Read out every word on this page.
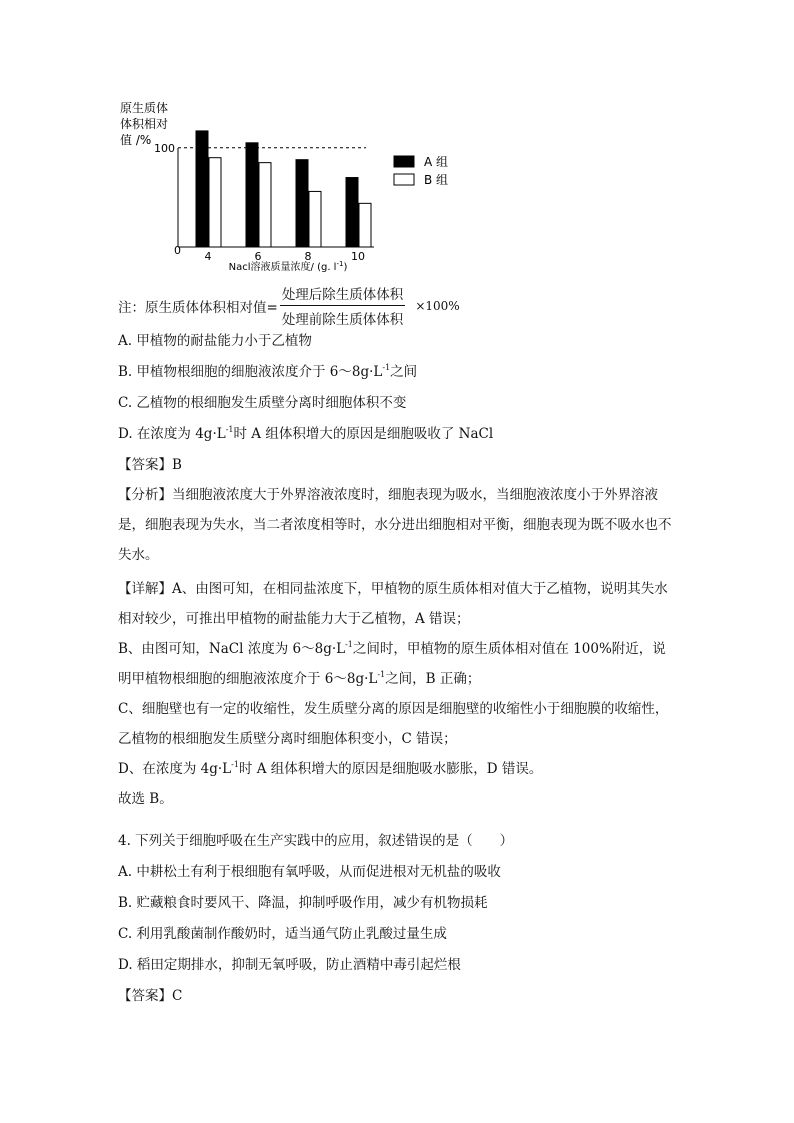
原生质体
体积相对
值 /%
100
0 4	6	8	10
Nacl溶液质量浓度/ (g. $l^{-1}$)
A 组
B 组
注：原生质体体积相对值= $\frac{\text{处理后除生质体体积}}{\text{处理前除生质体体积}} \times 100\%$
A. 甲植物的耐盐能力小于乙植物
B. 甲植物根细胞的细胞液浓度介于 $6\sim 8g\cdot L^{-1}$之间
C. 乙植物的根细胞发生质壁分离时细胞体积不变
D. 在浓度为 $4g\cdot L^{-1}$时 A 组体积增大的原因是细胞吸收了 NaCl
【答案】B

【分析】当细胞液浓度大于外界溶液浓度时，细胞表现为吸水，当细胞液浓度小于外界溶液是，细胞表现为失水，当二者浓度相等时，水分进出细胞相对平衡，细胞表现为既不吸水也不失水。

【详解】A、由图可知，在相同盐浓度下，甲植物的原生质体相对值大于乙植物，说明其失水相对较少，可推出甲植物的耐盐能力大于乙植物，A 错误；

B、由图可知，NaCl 浓度为 $6\sim 8g\cdot L^{-1}$之间时，甲植物的原生质体相对值在 100%附近，说明甲植物根细胞的细胞液浓度介于 $6\sim 8g\cdot L^{-1}$之间，B 正确；

C、细胞壁也有一定的收缩性，发生质壁分离的原因是细胞壁的收缩性小于细胞膜的收缩性，乙植物的根细胞发生质壁分离时细胞体积变小，C 错误；

D、在浓度为 $4g\cdot L^{-1}$时 A 组体积增大的原因是细胞吸水膨胀，D 错误。

故选 B。

4. 下列关于细胞呼吸在生产实践中的应用，叙述错误的是（　　）
A. 中耕松土有利于根细胞有氧呼吸，从而促进根对无机盐的吸收
B. 贮藏粮食时要风干、降温，抑制呼吸作用，减少有机物损耗
C. 利用乳酸菌制作酸奶时，适当通气防止乳酸过量生成
D. 稻田定期排水，抑制无氧呼吸，防止酒精中毒引起烂根
【答案】C
